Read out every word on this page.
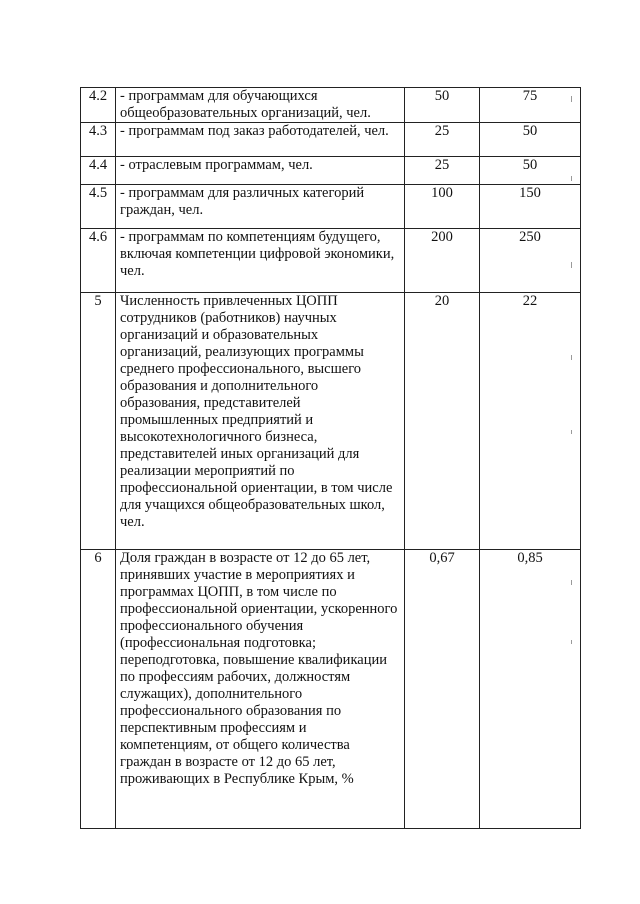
4.2	- программам для обучающихся общеобразовательных организаций, чел.	50	75
4.3	- программам под заказ работодателей, чел.	25	50
4.4	- отраслевым программам, чел.	25	50
4.5	- программам для различных категорий граждан, чел.	100	150
4.6	- программам по компетенциям будущего, включая компетенции цифровой экономики, чел.	200	250
5	Численность привлеченных ЦОПП сотрудников (работников) научных организаций и образовательных организаций, реализующих программы среднего профессионального, высшего образования и дополнительного образования, представителей промышленных предприятий и высокотехнологичного бизнеса, представителей иных организаций для реализации мероприятий по профессиональной ориентации, в том числе для учащихся общеобразовательных школ, чел.	20	22
6	Доля граждан в возрасте от 12 до 65 лет, принявших участие в мероприятиях и программах ЦОПП, в том числе по профессиональной ориентации, ускоренного профессионального обучения (профессиональная подготовка; переподготовка, повышение квалификации по профессиям рабочих, должностям служащих), дополнительного профессионального образования по перспективным профессиям и компетенциям, от общего количества граждан в возрасте от 12 до 65 лет, проживающих в Республике Крым, %	0,67	0,85
